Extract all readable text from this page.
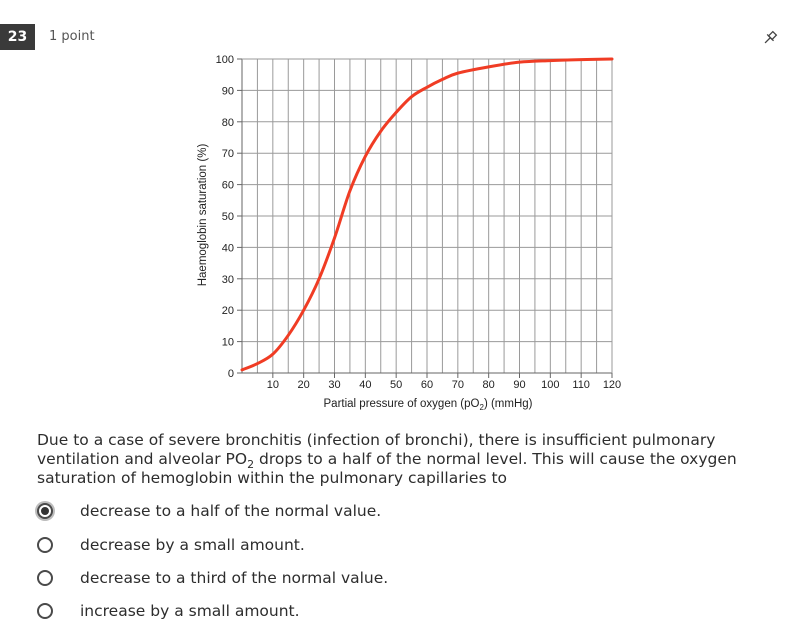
23	1 point
0
10
20
30
40
50
60
70
80
90
100
10 20 30 40 50 60 70 80 90 100 110 120
Haemoglobin saturation (%)
Partial pressure of oxygen $(pO_2)$ (mmHg)
Due to a case of severe bronchitis (infection of bronchi), there is insufficient pulmonary ventilation and alveolar $PO_2$ drops to a half of the normal level. This will cause the oxygen saturation of hemoglobin within the pulmonary capillaries to
decrease to a half of the normal value.
decrease by a small amount.
decrease to a third of the normal value.
increase by a small amount.
